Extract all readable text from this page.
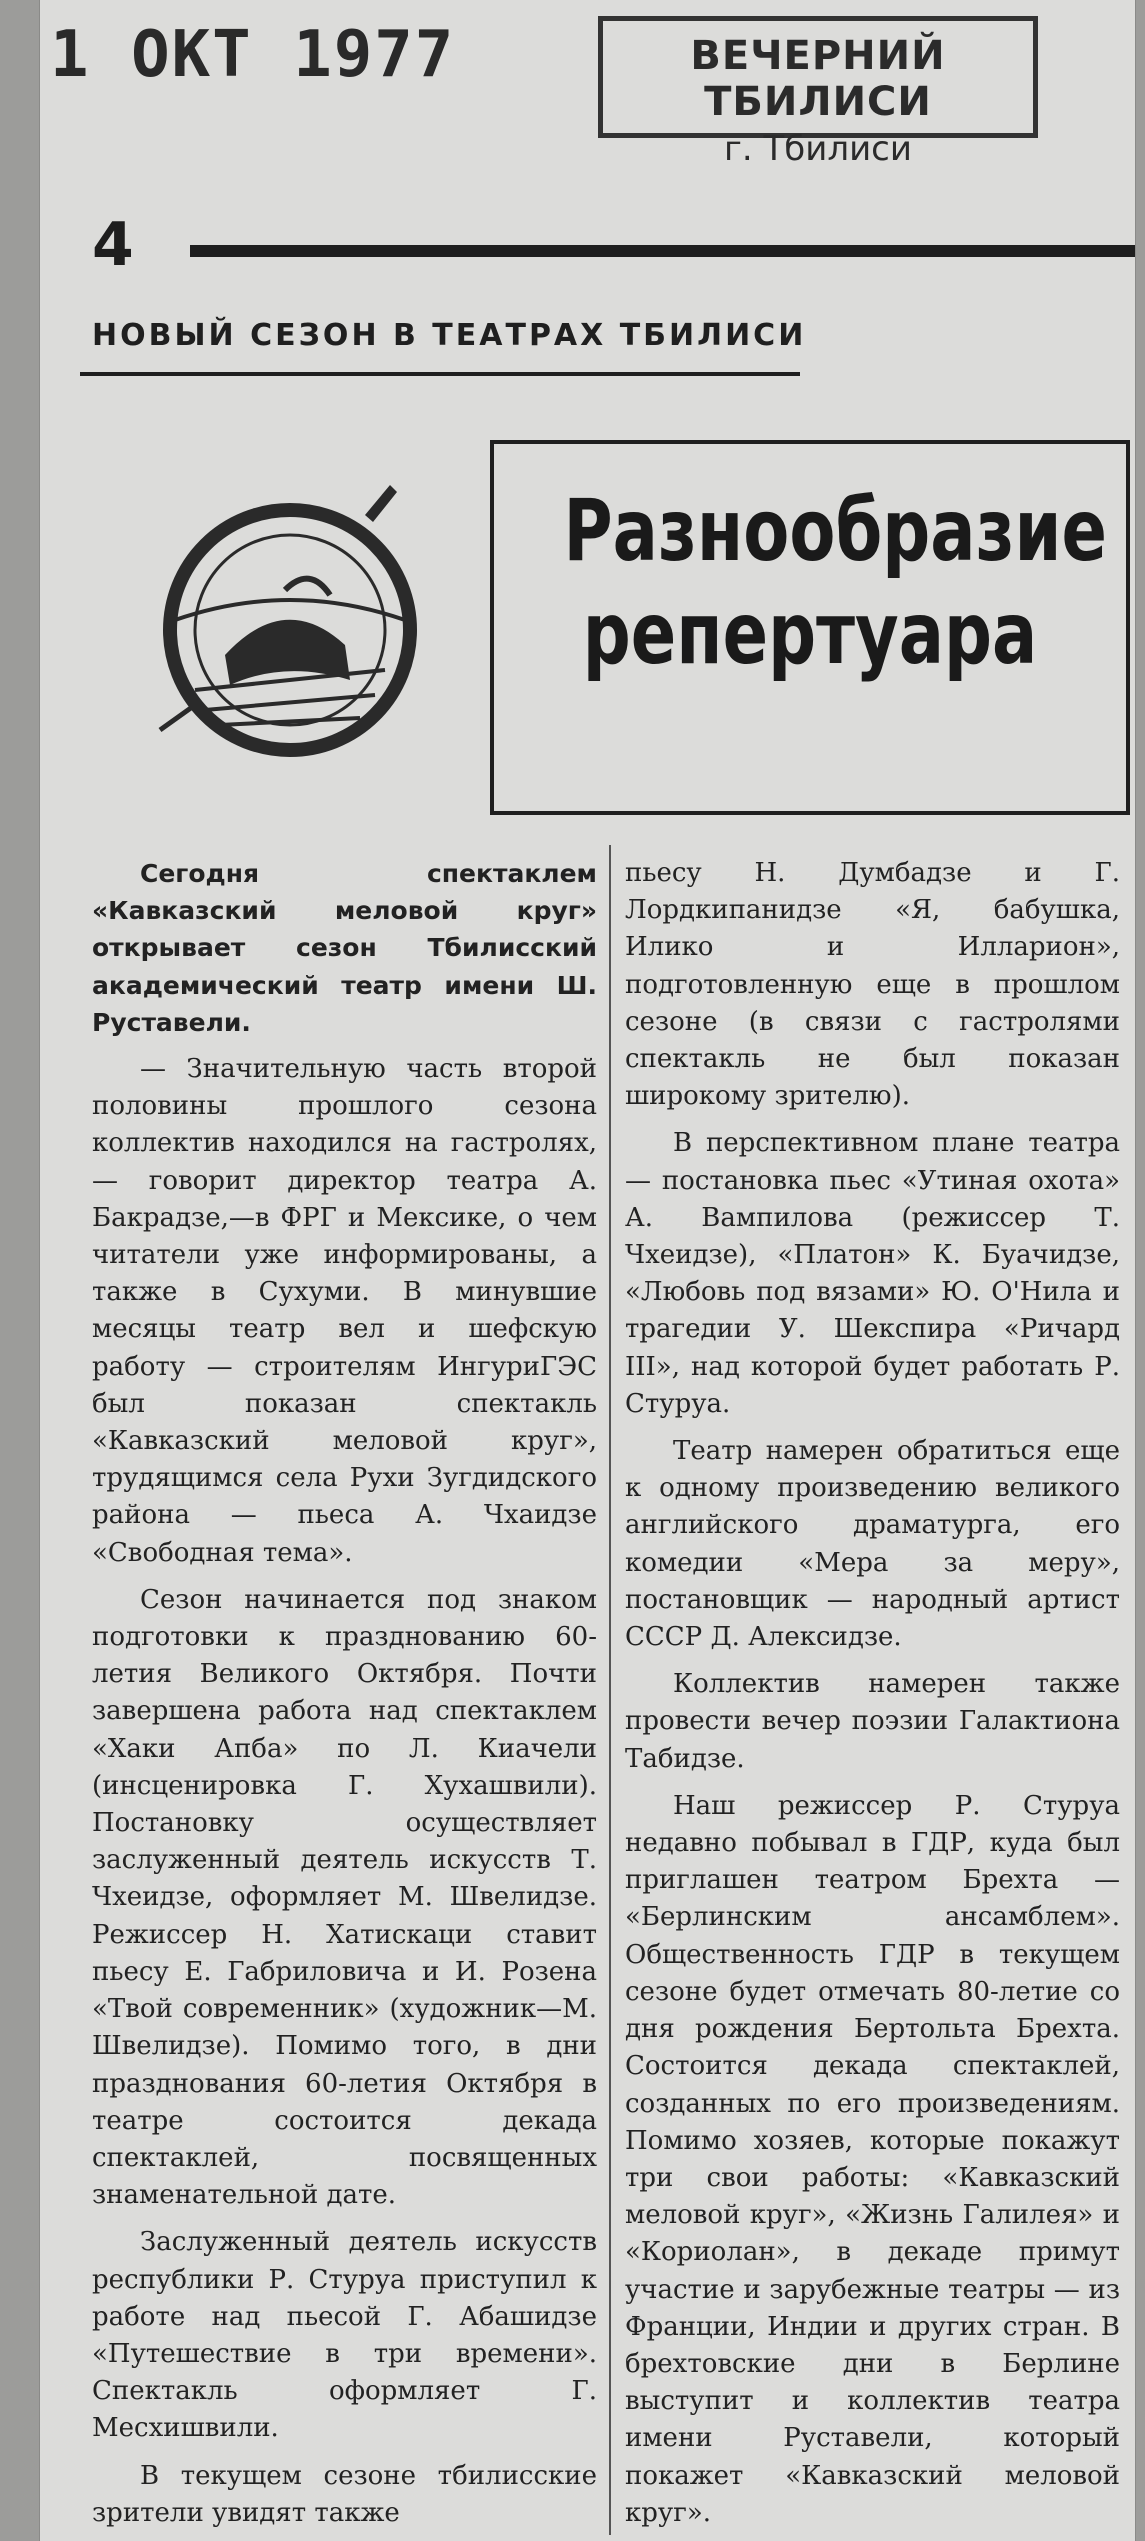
1 ОКТ 1977	ВЕЧЕРНИЙ ТБИЛИСИ
г. Тбилиси
4
НОВЫЙ СЕЗОН В ТЕАТРАХ ТБИЛИСИ
Разнообразие
репертуара

Сегодня спектаклем «Кавказский меловой круг» открывает сезон Тбилисский академический театр имени Ш. Руставели.

— Значительную часть второй половины прошлого сезона коллектив находился на гастролях, — говорит директор театра А. Бакрадзе,—в ФРГ и Мексике, о чем читатели уже информированы, а также в Сухуми. В минувшие месяцы театр вел и шефскую работу — строителям ИнгуриГЭС был показан спектакль «Кавказский меловой круг», трудящимся села Рухи Зугдидского района — пьеса А. Чхаидзе «Свободная тема».

Сезон начинается под знаком подготовки к празднованию 60-летия Великого Октября. Почти завершена работа над спектаклем «Хаки Апба» по Л. Киачели (инсценировка Г. Хухашвили). Постановку осуществляет заслуженный деятель искусств Т. Чхеидзе, оформляет М. Швелидзе. Режиссер Н. Хатискаци ставит пьесу Е. Габриловича и И. Розена «Твой современник» (художник—М. Швелидзе). Помимо того, в дни празднования 60-летия Октября в театре состоится декада спектаклей, посвященных знаменательной дате.

Заслуженный деятель искусств республики Р. Стуруа приступил к работе над пьесой Г. Абашидзе «Путешествие в три времени». Спектакль оформляет Г. Месхишвили.

В текущем сезоне тбилисские зрители увидят также

пьесу Н. Думбадзе и Г. Лордкипанидзе «Я, бабушка, Илико и Илларион», подготовленную еще в прошлом сезоне (в связи с гастролями спектакль не был показан широкому зрителю).

В перспективном плане театра — постановка пьес «Утиная охота» А. Вампилова (режиссер Т. Чхеидзе), «Платон» К. Буачидзе, «Любовь под вязами» Ю. О'Нила и трагедии У. Шекспира «Ричард III», над которой будет работать Р. Стуруа.

Театр намерен обратиться еще к одному произведению великого английского драматурга, его комедии «Мера за меру», постановщик — народный артист СССР Д. Алексидзе.

Коллектив намерен также провести вечер поэзии Галактиона Табидзе.

Наш режиссер Р. Стуруа недавно побывал в ГДР, куда был приглашен театром Брехта — «Берлинским ансамблем». Общественность ГДР в текущем сезоне будет отмечать 80-летие со дня рождения Бертольта Брехта. Состоится декада спектаклей, созданных по его произведениям. Помимо хозяев, которые покажут три свои работы: «Кавказский меловой круг», «Жизнь Галилея» и «Кориолан», в декаде примут участие и зарубежные театры — из Франции, Индии и других стран. В брехтовские дни в Берлине выступит и коллектив театра имени Руставели, который покажет «Кавказский меловой круг».
